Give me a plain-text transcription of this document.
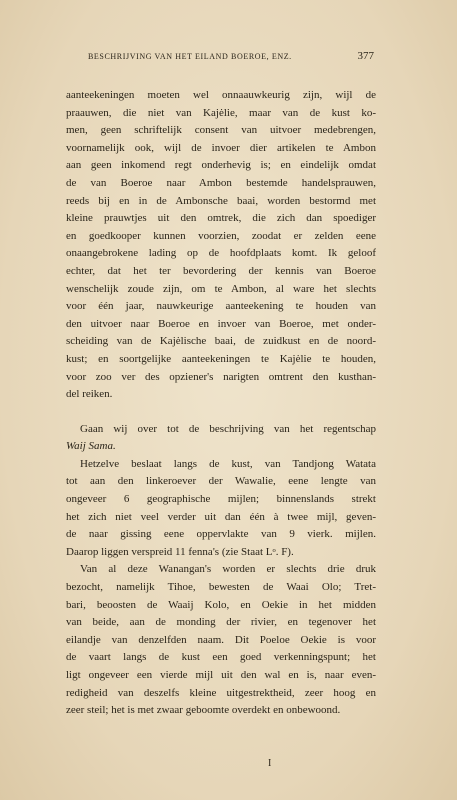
BESCHRIJVING VAN HET EILAND BOEROE, ENZ.	377
aanteekeningen moeten wel onnaauwkeurig zijn, wijl de
praauwen, die niet van Kajėlie, maar van de kust ko-
men, geen schriftelijk consent van uitvoer medebrengen,
voornamelijk ook, wijl de invoer dier artikelen te Ambon
aan geen inkomend regt onderhevig is; en eindelijk omdat
de van Boeroe naar Ambon bestemde handelsprauwen,
reeds bij en in de Ambonsche baai, worden bestormd met
kleine prauwtjes uit den omtrek, die zich dan spoediger
en goedkooper kunnen voorzien, zoodat er zelden eene
onaangebrokene lading op de hoofdplaats komt. Ik geloof
echter, dat het ter bevordering der kennis van Boeroe
wenschelijk zoude zijn, om te Ambon, al ware het slechts
voor één jaar, nauwkeurige aanteekening te houden van
den uitvoer naar Boeroe en invoer van Boeroe, met onder-
scheiding van de Kajėlische baai, de zuidkust en de noord-
kust; en soortgelijke aanteekeningen te Kajėlie te houden,
voor zoo ver des opziener's narigten omtrent den kusthan-
del reiken.
Gaan wij over tot de beschrijving van het regentschap
Waij Sama.
Hetzelve beslaat langs de kust, van Tandjong Watata
tot aan den linkeroever der Wawalie, eene lengte van
ongeveer 6 geographische mijlen; binnenslands strekt
het zich niet veel verder uit dan één à twee mijl, geven-
de naar gissing eene oppervlakte van 9 vierk. mijlen.
Daarop liggen verspreid 11 fenna's (zie Staat Lᵒ. F).
Van al deze Wanangan's worden er slechts drie druk
bezocht, namelijk Tihoe, bewesten de Waai Olo; Tret-
bari, beoosten de Waaij Kolo, en Oekie in het midden
van beide, aan de monding der rivier, en tegenover het
eilandje van denzelfden naam. Dit Poeloe Oekie is voor
de vaart langs de kust een goed verkenningspunt; het
ligt ongeveer een vierde mijl uit den wal en is, naar even-
redigheid van deszelfs kleine uitgestrektheid, zeer hoog en
zeer steil; het is met zwaar geboomte overdekt en onbewoond.
I
